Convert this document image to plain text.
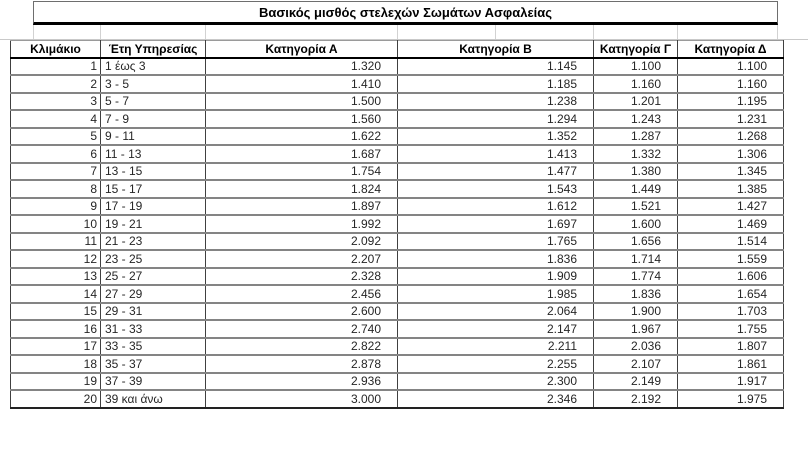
Βασικός μισθός στελεχών Σωμάτων Ασφαλείας
Κλιμάκιο	Έτη Υπηρεσίας	Κατηγορία Α	Κατηγορία Β	Κατηγορία Γ	Κατηγορία Δ
1	1 έως 3	1.320	1.145	1.100	1.100
2	3 - 5	1.410	1.185	1.160	1.160
3	5 - 7	1.500	1.238	1.201	1.195
4	7 - 9	1.560	1.294	1.243	1.231
5	9 - 11	1.622	1.352	1.287	1.268
6	11 - 13	1.687	1.413	1.332	1.306
7	13 - 15	1.754	1.477	1.380	1.345
8	15 - 17	1.824	1.543	1.449	1.385
9	17 - 19	1.897	1.612	1.521	1.427
10	19 - 21	1.992	1.697	1.600	1.469
11	21 - 23	2.092	1.765	1.656	1.514
12	23 - 25	2.207	1.836	1.714	1.559
13	25 - 27	2.328	1.909	1.774	1.606
14	27 - 29	2.456	1.985	1.836	1.654
15	29 - 31	2.600	2.064	1.900	1.703
16	31 - 33	2.740	2.147	1.967	1.755
17	33 - 35	2.822	2.211	2.036	1.807
18	35 - 37	2.878	2.255	2.107	1.861
19	37 - 39	2.936	2.300	2.149	1.917
20	39 και άνω	3.000	2.346	2.192	1.975
